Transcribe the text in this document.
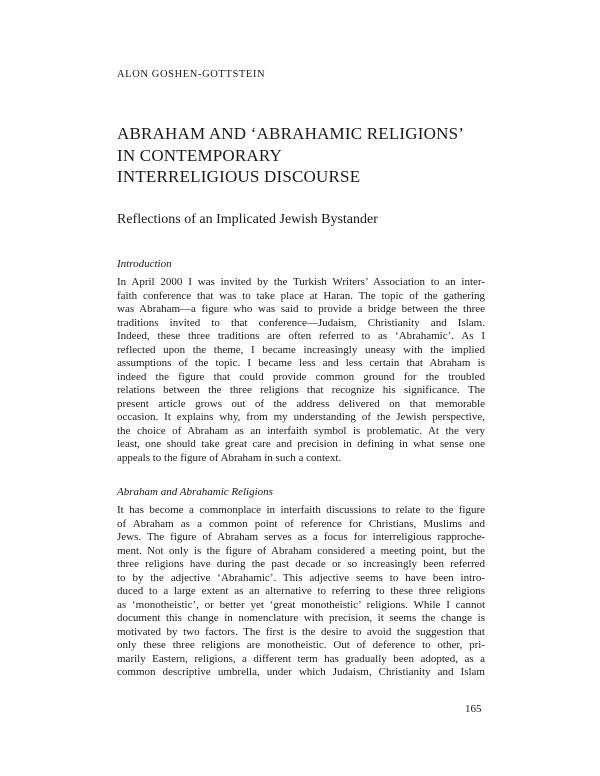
ALON GOSHEN-GOTTSTEIN
ABRAHAM AND ‘ABRAHAMIC RELIGIONS’
IN CONTEMPORARY
INTERRELIGIOUS DISCOURSE
Reflections of an Implicated Jewish Bystander
Introduction

In April 2000 I was invited by the Turkish Writers’ Association to an inter-
faith conference that was to take place at Haran. The topic of the gathering
was Abraham—a figure who was said to provide a bridge between the three
traditions invited to that conference—Judaism, Christianity and Islam.
Indeed, these three traditions are often referred to as ‘Abrahamic’. As I
reflected upon the theme, I became increasingly uneasy with the implied
assumptions of the topic. I became less and less certain that Abraham is
indeed the figure that could provide common ground for the troubled
relations between the three religions that recognize his significance. The
present article grows out of the address delivered on that memorable
occasion. It explains why, from my understanding of the Jewish perspective,
the choice of Abraham as an interfaith symbol is problematic. At the very
least, one should take great care and precision in defining in what sense one
appeals to the figure of Abraham in such a context.

Abraham and Abrahamic Religions

It has become a commonplace in interfaith discussions to relate to the figure
of Abraham as a common point of reference for Christians, Muslims and
Jews. The figure of Abraham serves as a focus for interreligious rapproche-
ment. Not only is the figure of Abraham considered a meeting point, but the
three religions have during the past decade or so increasingly been referred
to by the adjective ‘Abrahamic’. This adjective seems to have been intro-
duced to a large extent as an alternative to referring to these three religions
as ‘monotheistic’, or better yet ‘great monotheistic’ religions. While I cannot
document this change in nomenclature with precision, it seems the change is
motivated by two factors. The first is the desire to avoid the suggestion that
only these three religions are monotheistic. Out of deference to other, pri-
marily Eastern, religions, a different term has gradually been adopted, as a
common descriptive umbrella, under which Judaism, Christianity and Islam

165
